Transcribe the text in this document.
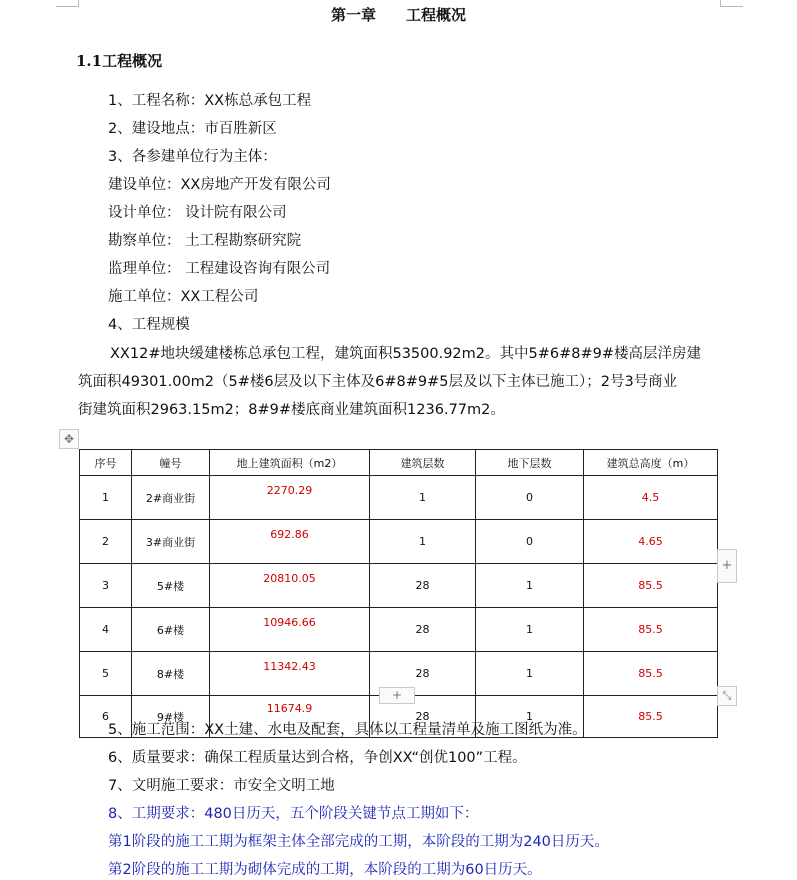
第一章　　工程概况
1.1工程概况
1、工程名称：XX栋总承包工程
2、建设地点：市百胜新区
3、各参建单位行为主体：
建设单位：XX房地产开发有限公司
设计单位： 设计院有限公司
勘察单位： 土工程勘察研究院
监理单位： 工程建设咨询有限公司
施工单位：XX工程公司
4、工程规模
XX12#地块缓建楼栋总承包工程，建筑面积53500.92m2。其中5#6#8#9#楼高层洋房建
筑面积49301.00m2（5#楼6层及以下主体及6#8#9#5层及以下主体已施工）；2号3号商业
街建筑面积2963.15m2；8#9#楼底商业建筑面积1236.77m2。
✥
序号	幢号	地上建筑面积（m2）	建筑层数	地下层数	建筑总高度（m）
1	2#商业街	2270.29	1	0	4.5
2	3#商业街	692.86	1	0	4.65
3	5#楼	20810.05	28	1	85.5
4	6#楼	10946.66	28	1	85.5
5	8#楼	11342.43	28	1	85.5
6	9#楼	11674.9	28	1	85.5
+
+	⤡
5、施工范围：XX土建、水电及配套，具体以工程量清单及施工图纸为准。
6、质量要求：确保工程质量达到合格，争创XX“创优100”工程。
7、文明施工要求：市安全文明工地
8、工期要求：480日历天，五个阶段关键节点工期如下：
第1阶段的施工工期为框架主体全部完成的工期，本阶段的工期为240日历天。
第2阶段的施工工期为砌体完成的工期，本阶段的工期为60日历天。
